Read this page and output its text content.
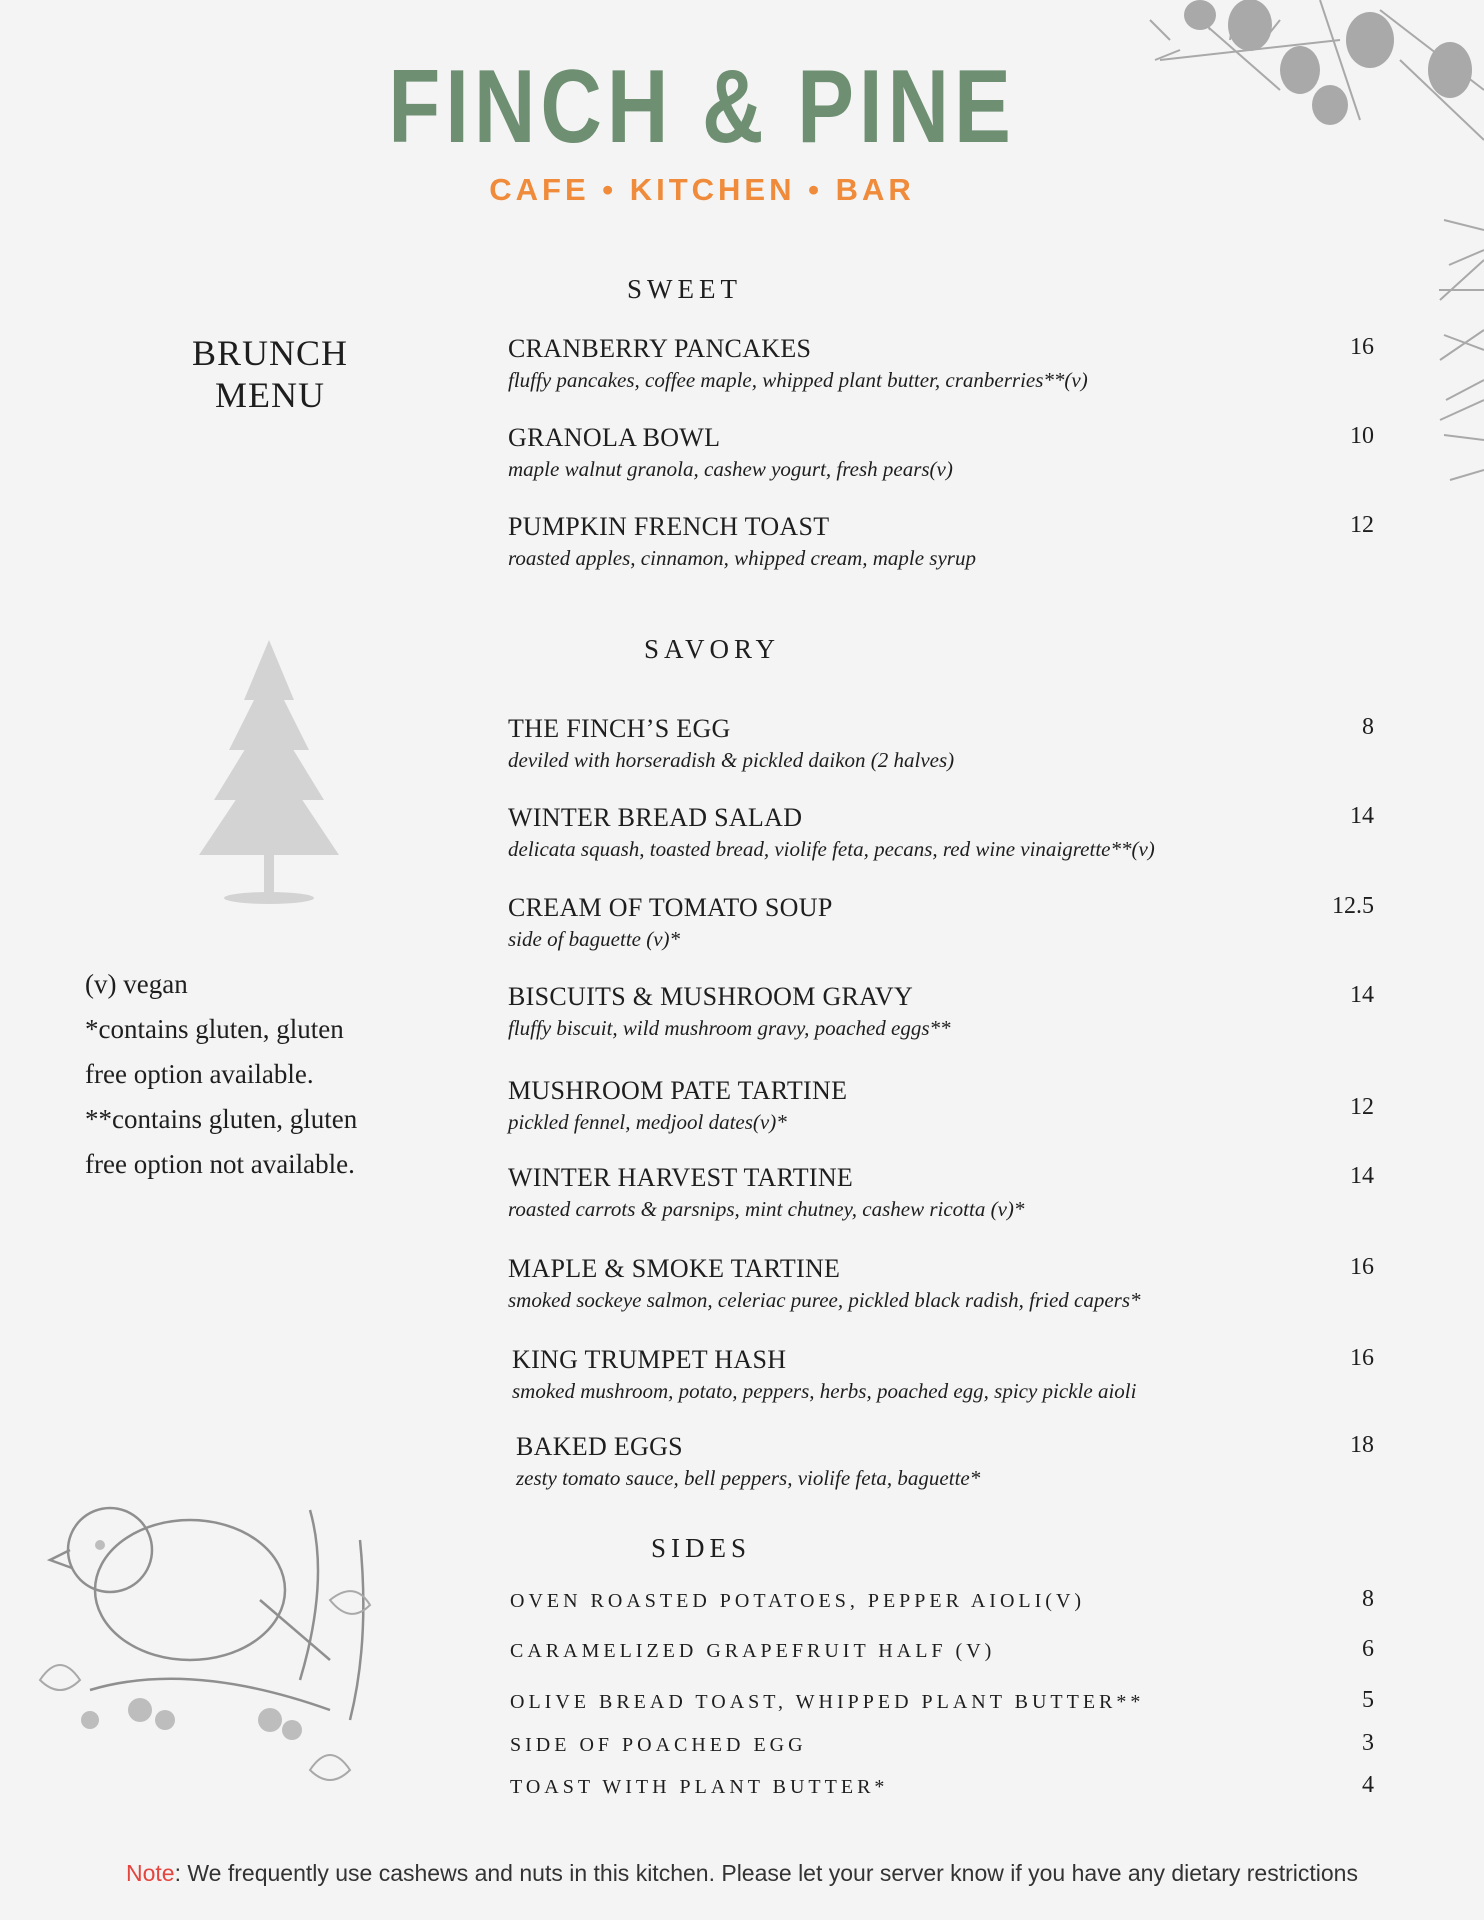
FINCH & PINE
CAFE • KITCHEN • BAR
BRUNCH
MENU
(v) vegan
*contains gluten, gluten
free option available.
**contains gluten, gluten
free option not available.
SWEET
CRANBERRY PANCAKES
fluffy pancakes, coffee maple, whipped plant butter, cranberries**(v)
16
GRANOLA BOWL
maple walnut granola, cashew yogurt, fresh pears(v)
10
PUMPKIN FRENCH TOAST
roasted apples, cinnamon, whipped cream, maple syrup
12
SAVORY
THE FINCH’S EGG
deviled with horseradish & pickled daikon (2 halves)
8
WINTER BREAD SALAD
delicata squash, toasted bread, violife feta, pecans, red wine vinaigrette**(v)
14
CREAM OF TOMATO SOUP
side of baguette (v)*
12.5
BISCUITS & MUSHROOM GRAVY
fluffy biscuit, wild mushroom gravy, poached eggs**
14
MUSHROOM PATE TARTINE
pickled fennel, medjool dates(v)*
12
WINTER HARVEST TARTINE
roasted carrots & parsnips, mint chutney, cashew ricotta (v)*
14
MAPLE & SMOKE TARTINE
smoked sockeye salmon, celeriac puree, pickled black radish, fried capers*
16
KING TRUMPET HASH
smoked mushroom, potato, peppers, herbs, poached egg, spicy pickle aioli
16
BAKED EGGS
zesty tomato sauce, bell peppers, violife feta, baguette*
18
SIDES
OVEN ROASTED POTATOES, PEPPER AIOLI(V)	8
CARAMELIZED GRAPEFRUIT HALF (V)	6
OLIVE BREAD TOAST, WHIPPED PLANT BUTTER**	5
SIDE OF POACHED EGG	3
TOAST WITH PLANT BUTTER*	4
Note: We frequently use cashews and nuts in this kitchen. Please let your server know if you have any dietary restrictions
